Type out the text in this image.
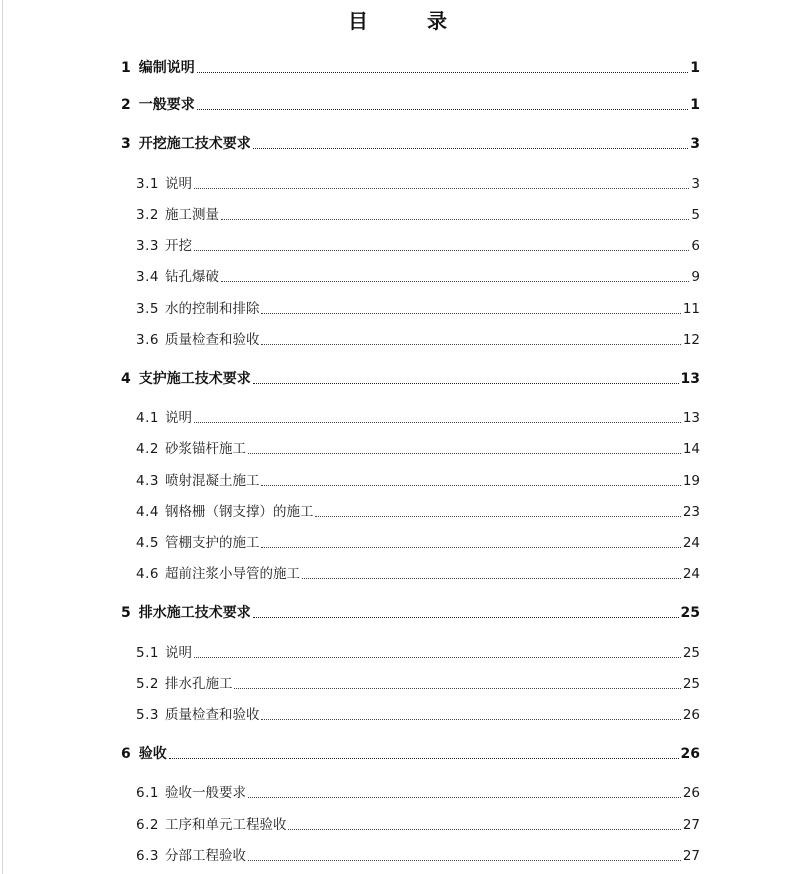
目 录
1 编制说明	1
2 一般要求	1
3 开挖施工技术要求	3
3.1 说明	3
3.2 施工测量	5
3.3 开挖	6
3.4 钻孔爆破	9
3.5 水的控制和排除	11
3.6 质量检查和验收	12
4 支护施工技术要求	13
4.1 说明	13
4.2 砂浆锚杆施工	14
4.3 喷射混凝土施工	19
4.4 钢格栅（钢支撑）的施工	23
4.5 管棚支护的施工	24
4.6 超前注浆小导管的施工	24
5 排水施工技术要求	25
5.1 说明	25
5.2 排水孔施工	25
5.3 质量检查和验收	26
6 验收	26
6.1 验收一般要求	26
6.2 工序和单元工程验收	27
6.3 分部工程验收	27
